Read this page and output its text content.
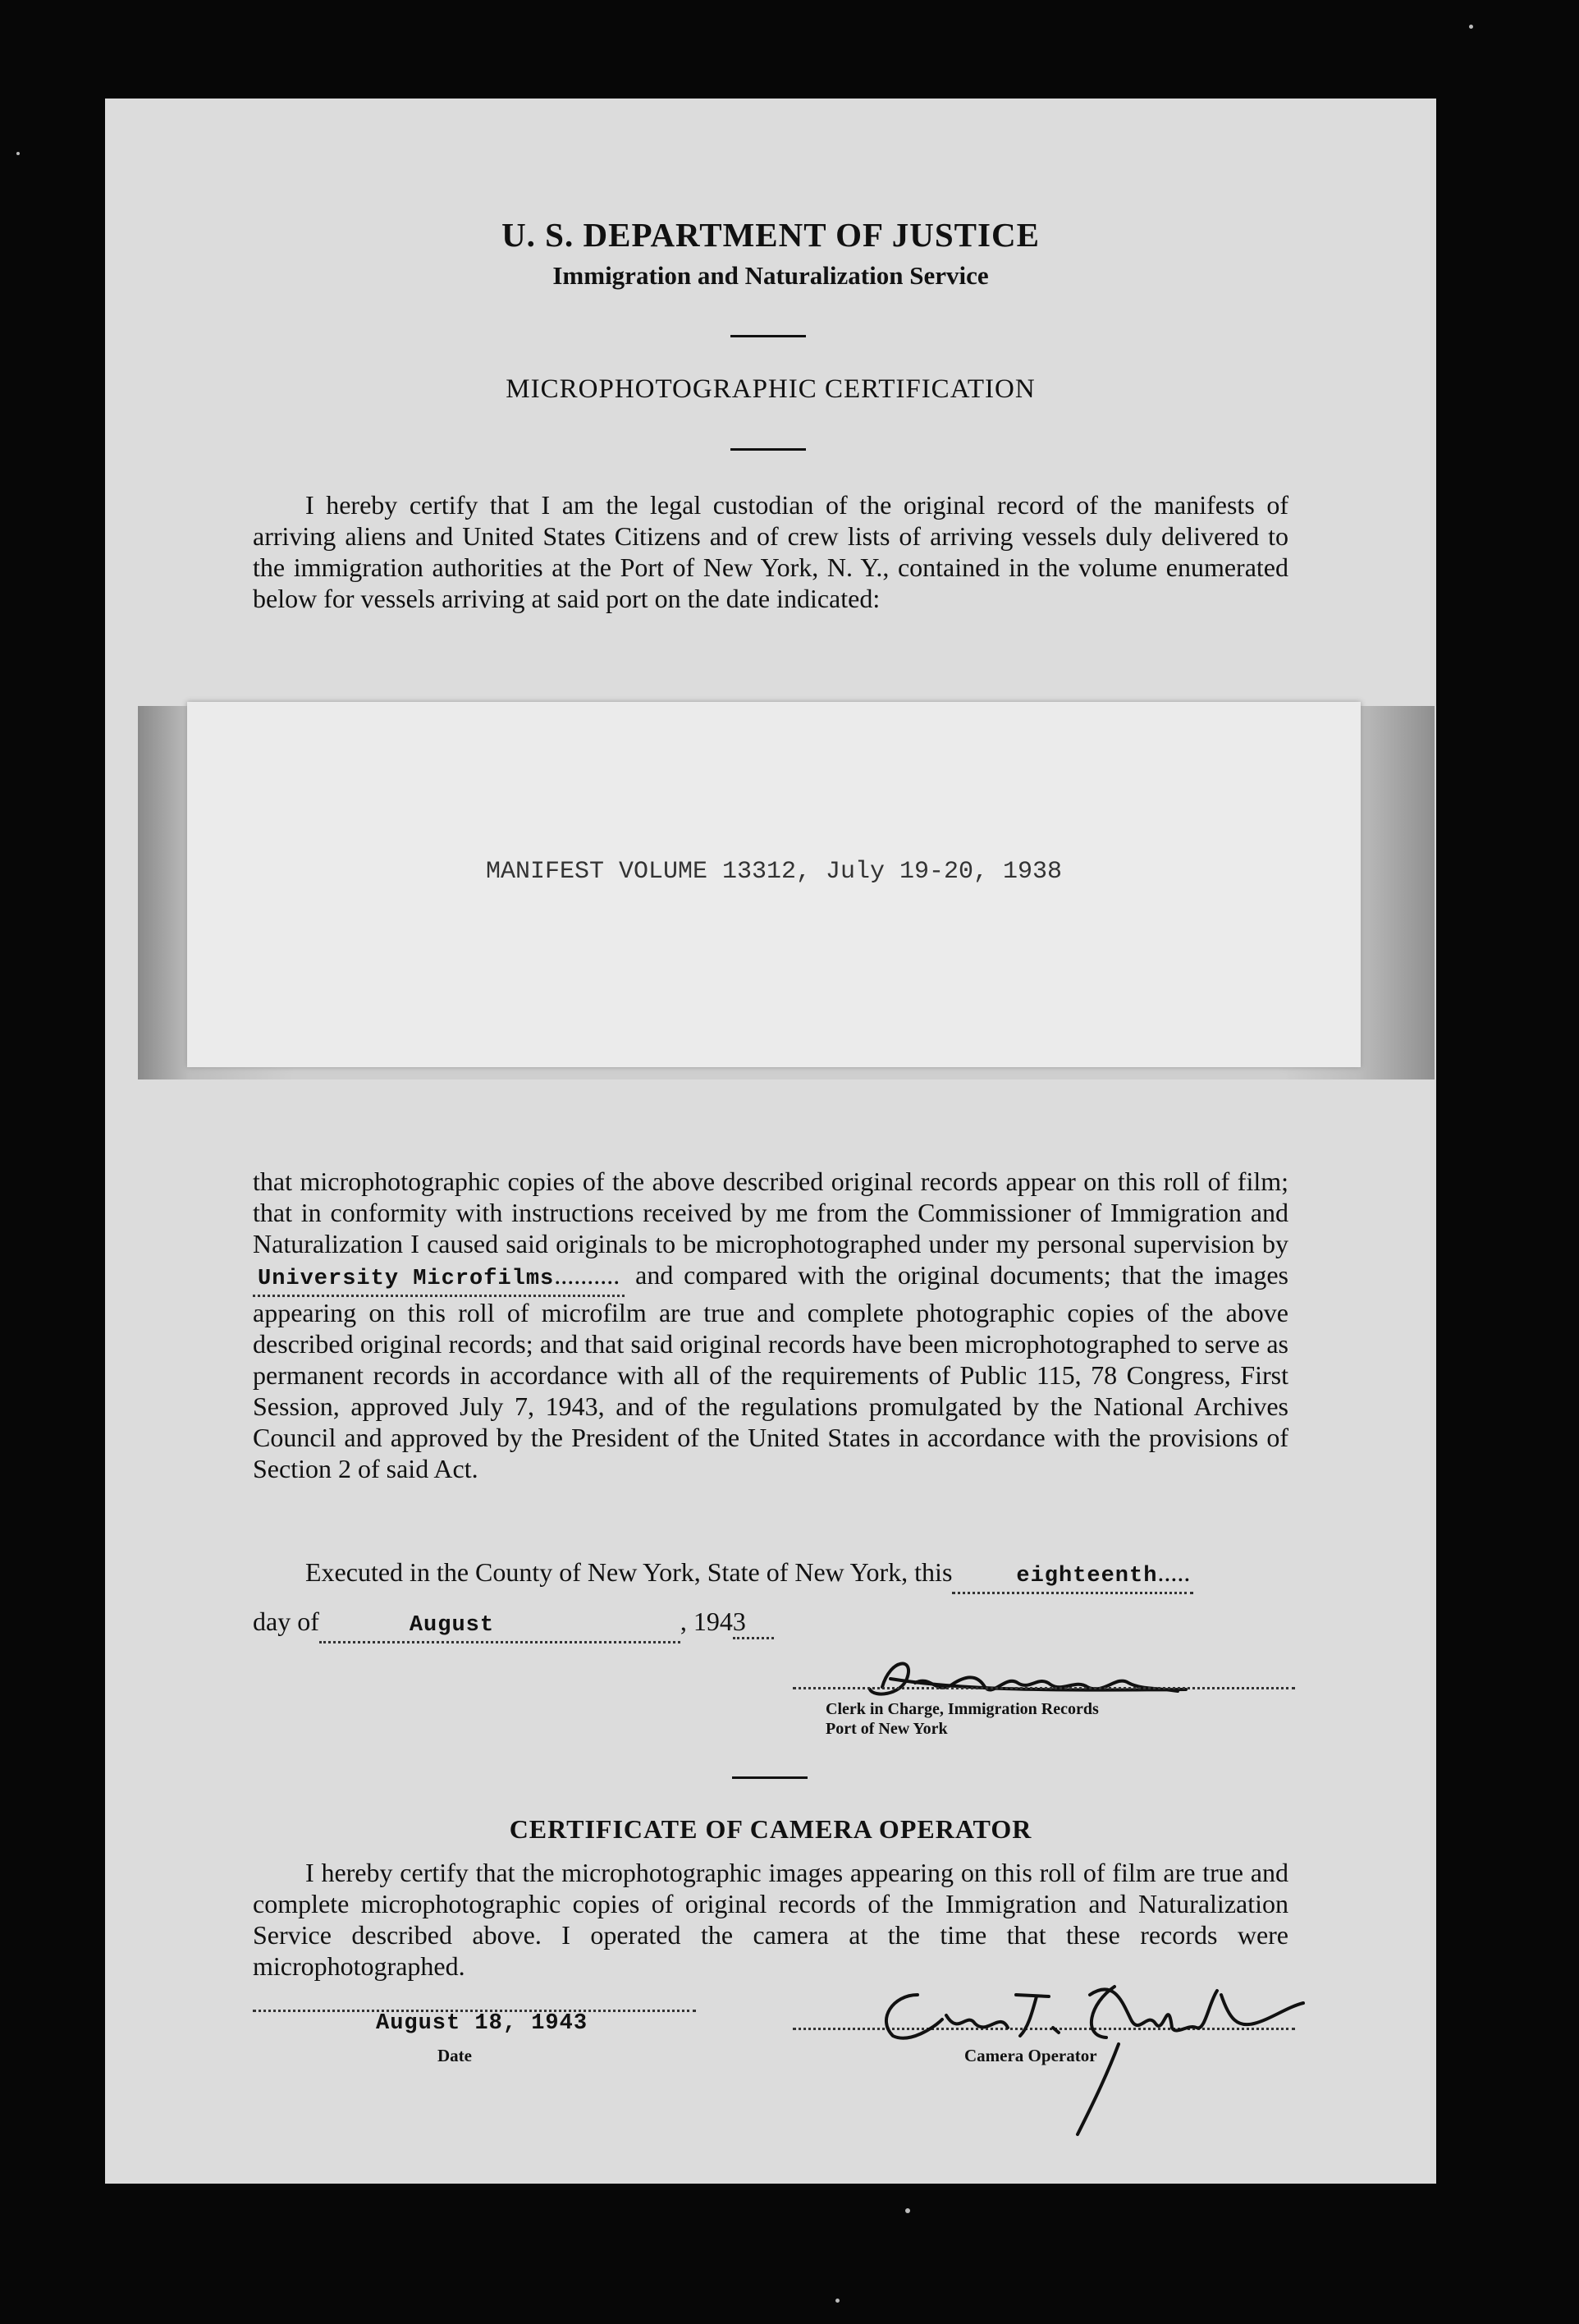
U. S. DEPARTMENT OF JUSTICE
Immigration and Naturalization Service
MICROPHOTOGRAPHIC CERTIFICATION

I hereby certify that I am the legal custodian of the original record of the manifests of arriving aliens and United States Citizens and of crew lists of arriving vessels duly delivered to the immigration authorities at the Port of New York, N. Y., contained in the volume enumerated below for vessels arriving at said port on the date indicated:

MANIFEST VOLUME 13312, July 19-20, 1938

that microphotographic copies of the above described original records appear on this roll of film; that in conformity with instructions received by me from the Commissioner of Immigration and Naturalization I caused said originals to be microphotographed under my personal supervision byUniversity Microfilms.......... and compared with the original documents; that the images appearing on this roll of microfilm are true and complete photographic copies of the above described original records; and that said original records have been microphotographed to serve as permanent records in accordance with all of the requirements of Public 115, 78 Congress, First Session, approved July 7, 1943, and of the regulations promulgated by the National Archives Council and approved by the President of the United States in accordance with the provisions of Section 2 of said Act.

Executed in the County of New York, State of New York, this	eighteenth.....

day of	August	, 1943

Clerk in Charge, Immigration Records
Port of New York
CERTIFICATE OF CAMERA OPERATOR

I hereby certify that the microphotographic images appearing on this roll of film are true and complete microphotographic copies of original records of the Immigration and Naturalization Service described above. I operated the camera at the time that these records were microphotographed.

August 18, 1943
Date	Camera Operator
